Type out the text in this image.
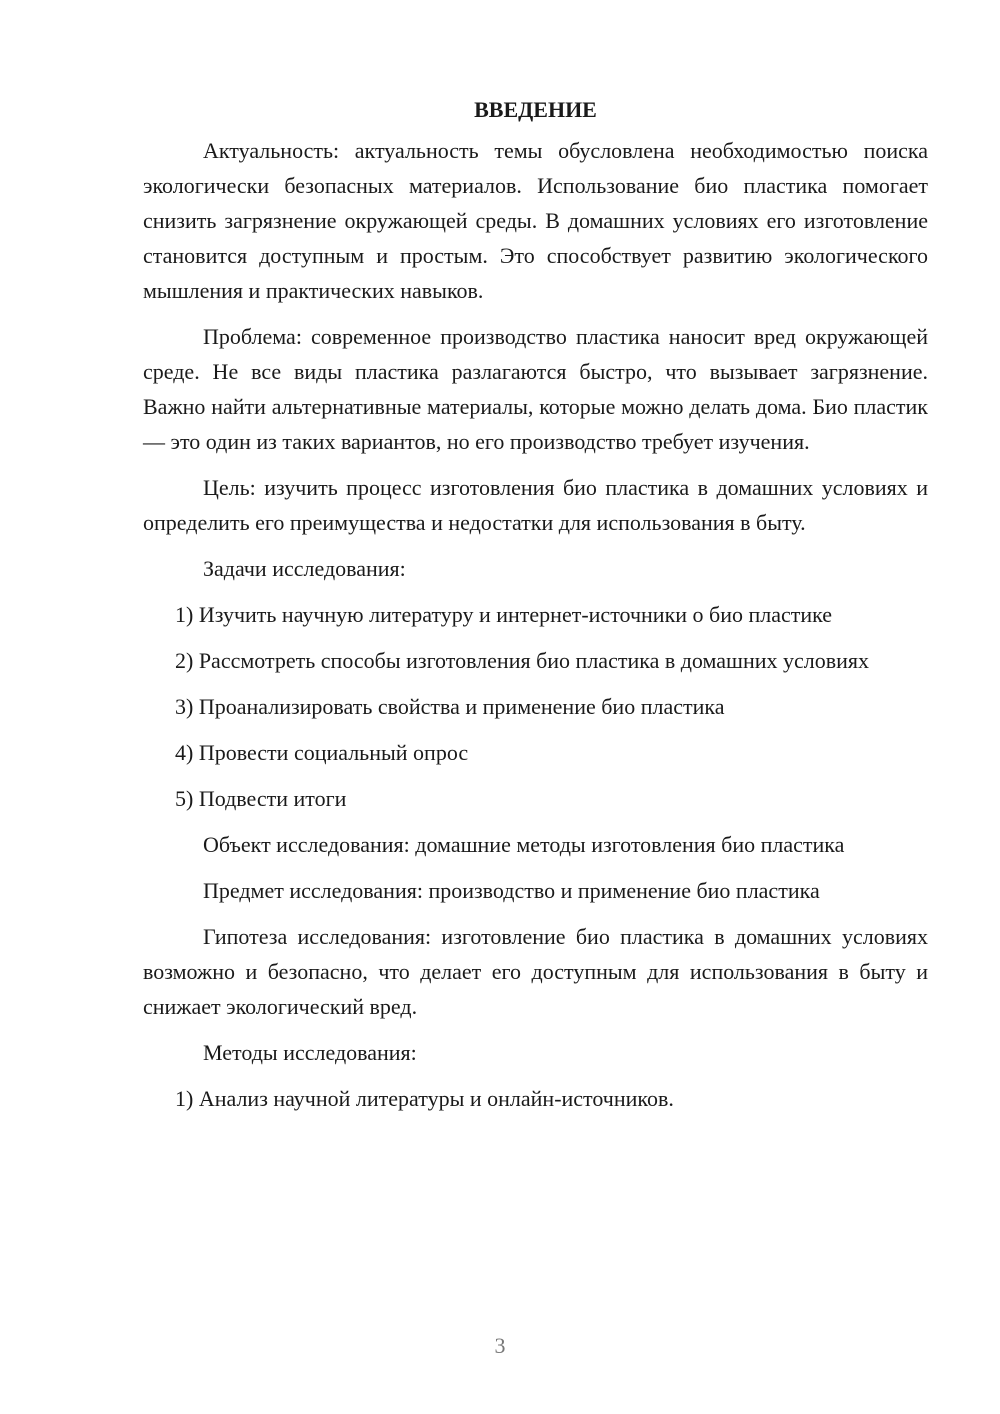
ВВЕДЕНИЕ

Актуальность: актуальность темы обусловлена необходимостью поиска экологически безопасных материалов. Использование био пластика помогает снизить загрязнение окружающей среды. В домашних условиях его изготовление становится доступным и простым. Это способствует развитию экологического мышления и практических навыков.

Проблема: современное производство пластика наносит вред окружающей среде. Не все виды пластика разлагаются быстро, что вызывает загрязнение. Важно найти альтернативные материалы, которые можно делать дома. Био пластик — это один из таких вариантов, но его производство требует изучения.

Цель: изучить процесс изготовления био пластика в домашних условиях и определить его преимущества и недостатки для использования в быту.

Задачи исследования:

1) Изучить научную литературу и интернет-источники о био пластике

2) Рассмотреть способы изготовления био пластика в домашних условиях

3) Проанализировать свойства и применение био пластика

4) Провести социальный опрос

5) Подвести итоги

Объект исследования: домашние методы изготовления био пластика

Предмет исследования: производство и применение био пластика

Гипотеза исследования: изготовление био пластика в домашних условиях возможно и безопасно, что делает его доступным для использования в быту и снижает экологический вред.

Методы исследования:

1) Анализ научной литературы и онлайн-источников.

3
